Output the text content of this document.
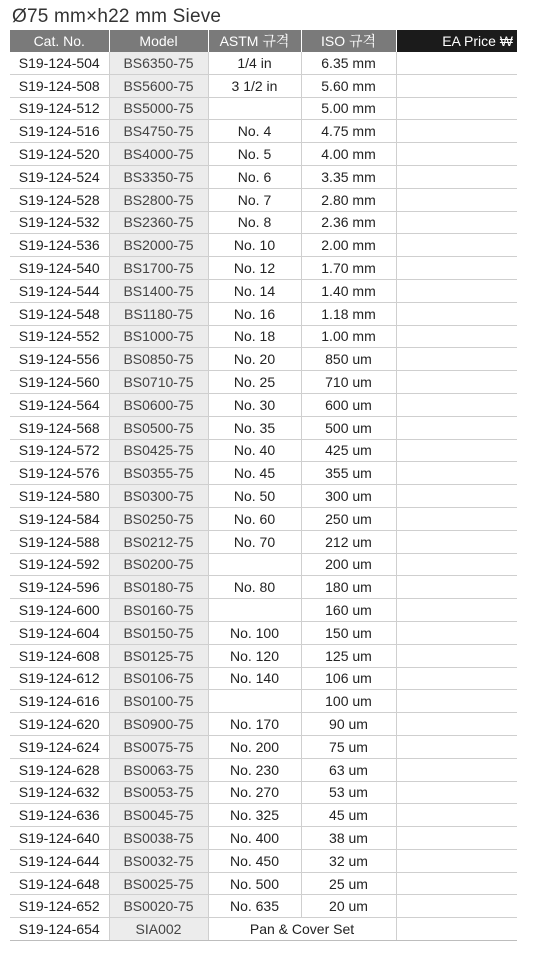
Ø75 mm×h22 mm Sieve
Cat. No.	Model	ASTM 규격	ISO 규격	EA Price ₩
S19-124-504	BS6350-75	1/4 in	6.35 mm	
S19-124-508	BS5600-75	3 1/2 in	5.60 mm	
S19-124-512	BS5000-75		5.00 mm	
S19-124-516	BS4750-75	No. 4	4.75 mm	
S19-124-520	BS4000-75	No. 5	4.00 mm	
S19-124-524	BS3350-75	No. 6	3.35 mm	
S19-124-528	BS2800-75	No. 7	2.80 mm	
S19-124-532	BS2360-75	No. 8	2.36 mm	
S19-124-536	BS2000-75	No. 10	2.00 mm	
S19-124-540	BS1700-75	No. 12	1.70 mm	
S19-124-544	BS1400-75	No. 14	1.40 mm	
S19-124-548	BS1180-75	No. 16	1.18 mm	
S19-124-552	BS1000-75	No. 18	1.00 mm	
S19-124-556	BS0850-75	No. 20	850 um	
S19-124-560	BS0710-75	No. 25	710 um	
S19-124-564	BS0600-75	No. 30	600 um	
S19-124-568	BS0500-75	No. 35	500 um	
S19-124-572	BS0425-75	No. 40	425 um	
S19-124-576	BS0355-75	No. 45	355 um	
S19-124-580	BS0300-75	No. 50	300 um	
S19-124-584	BS0250-75	No. 60	250 um	
S19-124-588	BS0212-75	No. 70	212 um	
S19-124-592	BS0200-75		200 um	
S19-124-596	BS0180-75	No. 80	180 um	
S19-124-600	BS0160-75		160 um	
S19-124-604	BS0150-75	No. 100	150 um	
S19-124-608	BS0125-75	No. 120	125 um	
S19-124-612	BS0106-75	No. 140	106 um	
S19-124-616	BS0100-75		100 um	
S19-124-620	BS0900-75	No. 170	90 um	
S19-124-624	BS0075-75	No. 200	75 um	
S19-124-628	BS0063-75	No. 230	63 um	
S19-124-632	BS0053-75	No. 270	53 um	
S19-124-636	BS0045-75	No. 325	45 um	
S19-124-640	BS0038-75	No. 400	38 um	
S19-124-644	BS0032-75	No. 450	32 um	
S19-124-648	BS0025-75	No. 500	25 um	
S19-124-652	BS0020-75	No. 635	20 um	
S19-124-654	SIA002	Pan & Cover Set		
